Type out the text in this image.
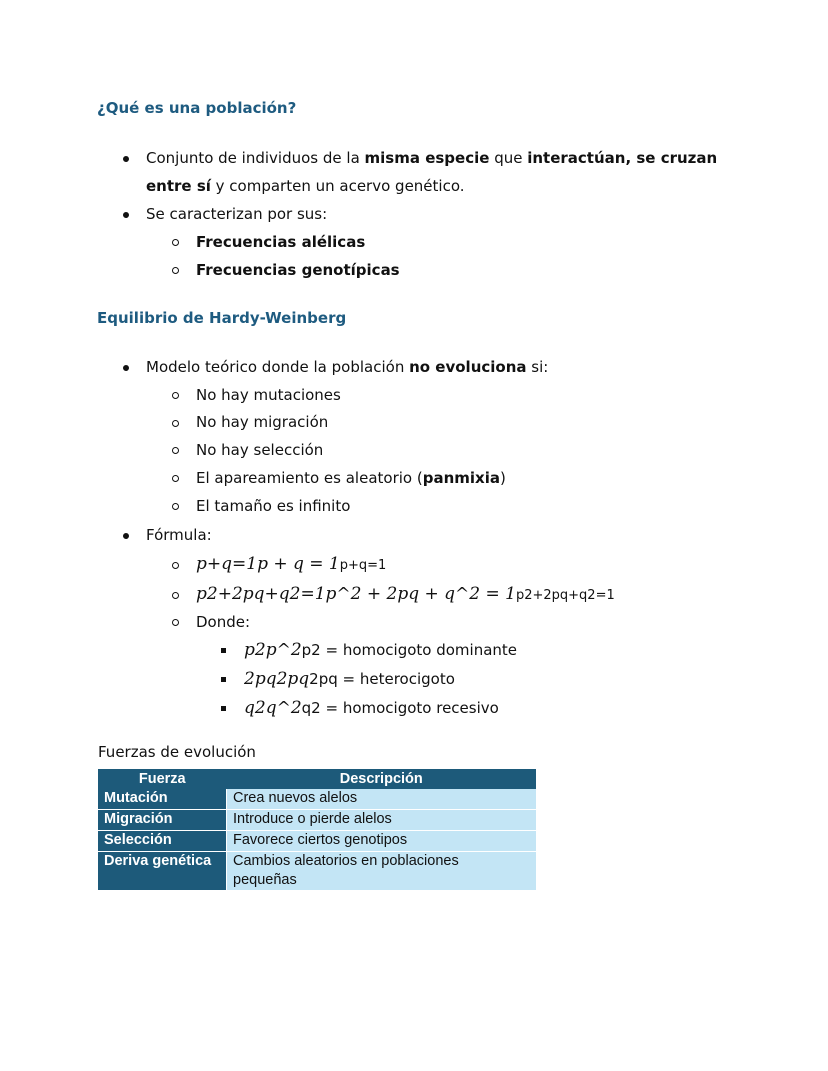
¿Qué es una población?
Conjunto de individuos de la misma especie que interactúan, se cruzan
entre sí y comparten un acervo genético.
Se caracterizan por sus:
Frecuencias alélicas
Frecuencias genotípicas
Equilibrio de Hardy-Weinberg
Modelo teórico donde la población no evoluciona si:
No hay mutaciones
No hay migración
No hay selección
El apareamiento es aleatorio (panmixia)
El tamaño es infinito
Fórmula:
p+q=1p + q = 1p+q=1
p2+2pq+q2=1p^2 + 2pq + q^2 = 1p2+2pq+q2=1
Donde:
p2p^2p2 = homocigoto dominante
2pq2pq2pq = heterocigoto
q2q^2q2 = homocigoto recesivo
Fuerzas de evolución
Fuerza	Descripción
Mutación	Crea nuevos alelos
Migración	Introduce o pierde alelos
Selección	Favorece ciertos genotipos
Deriva genética	Cambios aleatorios en poblaciones pequeñas
